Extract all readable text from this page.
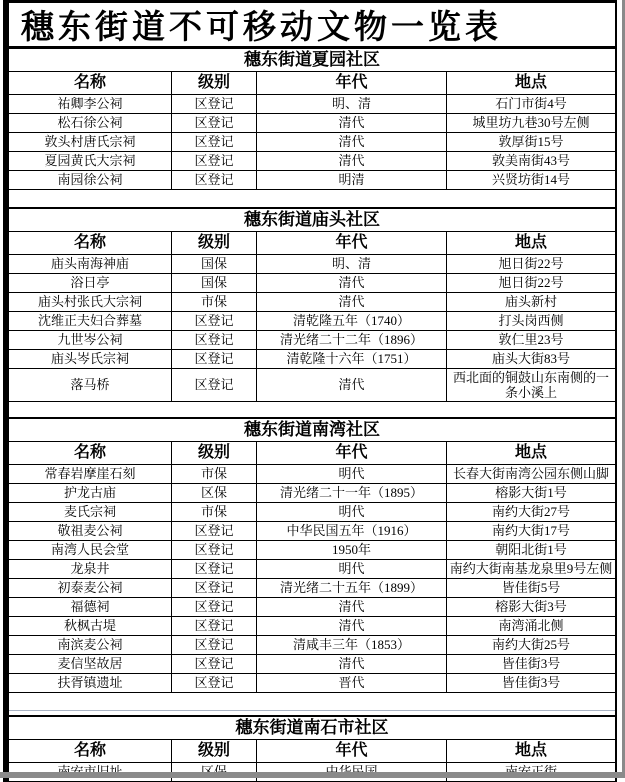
穗东街道不可移动文物一览表
穗东街道夏园社区
名称	级别	年代	地点
祐卿李公祠	区登记	明、清	石门市街4号
松石徐公祠	区登记	清代	城里坊九巷30号左侧
敦头村唐氏宗祠	区登记	清代	敦厚街15号
夏园黄氏大宗祠	区登记	清代	敦美南街43号
南园徐公祠	区登记	明清	兴贤坊街14号
穗东街道庙头社区
名称	级别	年代	地点
庙头南海神庙	国保	明、清	旭日街22号
浴日亭	国保	清代	旭日街22号
庙头村张氏大宗祠	市保	清代	庙头新村
沈维正夫妇合葬墓	区登记	清乾隆五年（1740）	打头岗西侧
九世岑公祠	区登记	清光绪二十二年（1896）	敦仁里23号
庙头岑氏宗祠	区登记	清乾隆十六年（1751）	庙头大街83号
落马桥	区登记	清代	西北面的铜鼓山东南侧的一条小溪上
穗东街道南湾社区
名称	级别	年代	地点
常春岩摩崖石刻	市保	明代	长春大街南湾公园东侧山脚
护龙古庙	区保	清光绪二十一年（1895）	榕影大街1号
麦氏宗祠	市保	明代	南约大街27号
敬祖麦公祠	区登记	中华民国五年（1916）	南约大街17号
南湾人民会堂	区登记	1950年	朝阳北街1号
龙泉井	区登记	明代	南约大街南基龙泉里9号左侧
初泰麦公祠	区登记	清光绪二十五年（1899）	皆佳街5号
福德祠	区登记	清代	榕影大街3号
秋枫古堤	区登记	清代	南湾涌北侧
南滨麦公祠	区登记	清咸丰三年（1853）	南约大街25号
麦信坚故居	区登记	清代	皆佳街3号
扶胥镇遗址	区登记	晋代	皆佳街3号
穗东街道南石市社区
名称	级别	年代	地点
